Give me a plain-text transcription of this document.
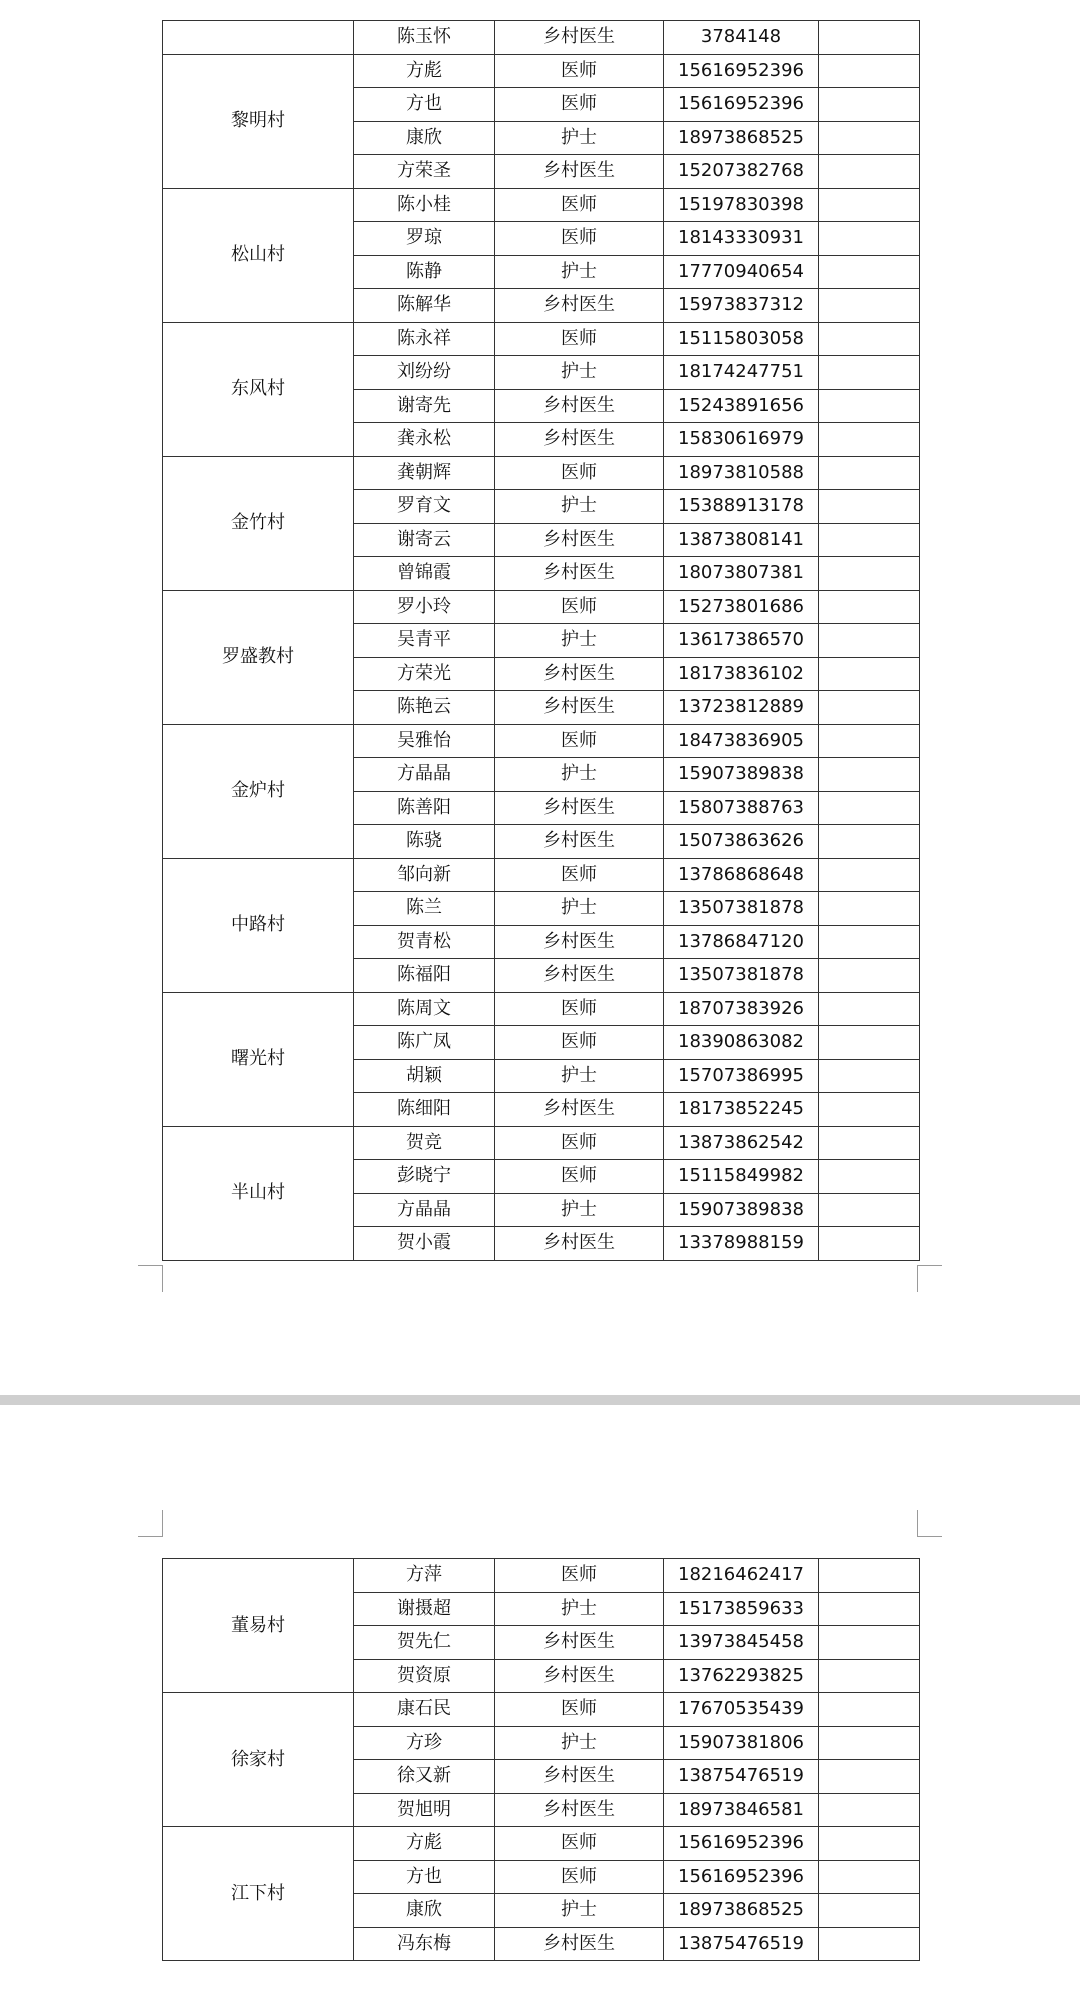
	陈玉怀	乡村医生	3784148	
黎明村	方彪	医师	15616952396	
	方也	医师	15616952396	
	康欣	护士	18973868525	
	方荣圣	乡村医生	15207382768	
松山村	陈小桂	医师	15197830398	
	罗琼	医师	18143330931	
	陈静	护士	17770940654	
	陈解华	乡村医生	15973837312	
东风村	陈永祥	医师	15115803058	
	刘纷纷	护士	18174247751	
	谢寄先	乡村医生	15243891656	
	龚永松	乡村医生	15830616979	
金竹村	龚朝辉	医师	18973810588	
	罗育文	护士	15388913178	
	谢寄云	乡村医生	13873808141	
	曾锦霞	乡村医生	18073807381	
罗盛教村	罗小玲	医师	15273801686	
	吴青平	护士	13617386570	
	方荣光	乡村医生	18173836102	
	陈艳云	乡村医生	13723812889	
金炉村	吴雅怡	医师	18473836905	
	方晶晶	护士	15907389838	
	陈善阳	乡村医生	15807388763	
	陈骁	乡村医生	15073863626	
中路村	邹向新	医师	13786868648	
	陈兰	护士	13507381878	
	贺青松	乡村医生	13786847120	
	陈福阳	乡村医生	13507381878	
曙光村	陈周文	医师	18707383926	
	陈广凤	医师	18390863082	
	胡颖	护士	15707386995	
	陈细阳	乡村医生	18173852245	
半山村	贺竞	医师	13873862542	
	彭晓宁	医师	15115849982	
	方晶晶	护士	15907389838	
	贺小霞	乡村医生	13378988159	
董易村	方萍	医师	18216462417	
	谢摄超	护士	15173859633	
	贺先仁	乡村医生	13973845458	
	贺资原	乡村医生	13762293825	
徐家村	康石民	医师	17670535439	
	方珍	护士	15907381806	
	徐又新	乡村医生	13875476519	
	贺旭明	乡村医生	18973846581	
江下村	方彪	医师	15616952396	
	方也	医师	15616952396	
	康欣	护士	18973868525	
	冯东梅	乡村医生	13875476519	
